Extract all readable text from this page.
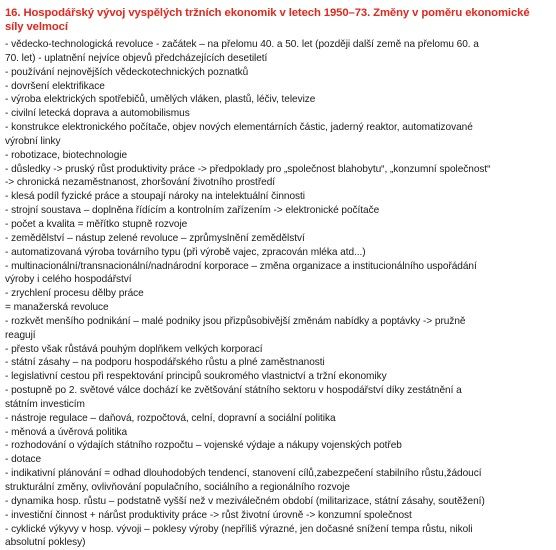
16. Hospodářský vývoj vyspělých tržních ekonomik v letech 1950–73. Změny v poměru ekonomické
síly velmocí
- vědecko-technologická revoluce - začátek – na přelomu 40. a 50. let (později další země na přelomu 60. a
70. let) - uplatnění nejvíce objevů předcházejících desetiletí
- používání nejnovějších vědeckotechnických poznatků
- dovršení elektrifikace
- výroba elektrických spotřebičů, umělých vláken, plastů, léčiv, televize
- civilní letecká doprava a automobilismus
- konstrukce elektronického počítače, objev nových elementárních částic, jaderný reaktor, automatizované
výrobní linky
- robotizace, biotechnologie
- důsledky -> pruský růst produktivity práce -> předpoklady pro „společnost blahobytu“, „konzumní společnost“
-> chronická nezaměstnanost, zhoršování životního prostředí
- klesá podíl fyzické práce a stoupají nároky na intelektuální činnosti
- strojní soustava – doplněna řídícím a kontrolním zařízením -> elektronické počítače
- počet a kvalita = měřítko stupně rozvoje
- zemědělství – nástup zelené revoluce – zprůmyslnění zemědělství
- automatizovaná výroba továrního typu (při výrobě vajec, zpracován mléka atd...)
- multinacionální/transnacionální/nadnárodní korporace – změna organizace a institucionálního uspořádání
výroby i celého hospodářství
- zrychlení procesu dělby práce
= manažerská revoluce
- rozkvět menšího podnikání – malé podniky jsou přizpůsobivější změnám nabídky a poptávky -> pružně
reagují
- přesto však růstává pouhým doplňkem velkých korporací
- státní zásahy – na podporu hospodářského růstu a plné zaměstnanosti
- legislativní cestou při respektování principů soukromého vlastnictví a tržní ekonomiky
- postupně po 2. světové válce dochází ke zvětšování státního sektoru v hospodářství díky zestátnění a
státním investicím
- nástroje regulace – daňová, rozpočtová, celní, dopravní a sociální politika
- měnová a úvěrová politika
- rozhodování o výdajích státního rozpočtu – vojenské výdaje a nákupy vojenských potřeb
- dotace
- indikativní plánování = odhad dlouhodobých tendencí, stanovení cílů,zabezpečení stabilního růstu,žádoucí
strukturální změny, ovlivňování populačního, sociálního a regionálního rozvoje
- dynamika hosp. růstu – podstatně vyšší než v meziválečném období (militarizace, státní zásahy, soutěžení)
- investiční činnost + nárůst produktivity práce -> růst životní úrovně -> konzumní společnost
- cyklické výkyvy v hosp. vývoji – poklesy výroby (nepříliš výrazné, jen dočasné snížení tempa růstu, nikoli
absolutní poklesy)
